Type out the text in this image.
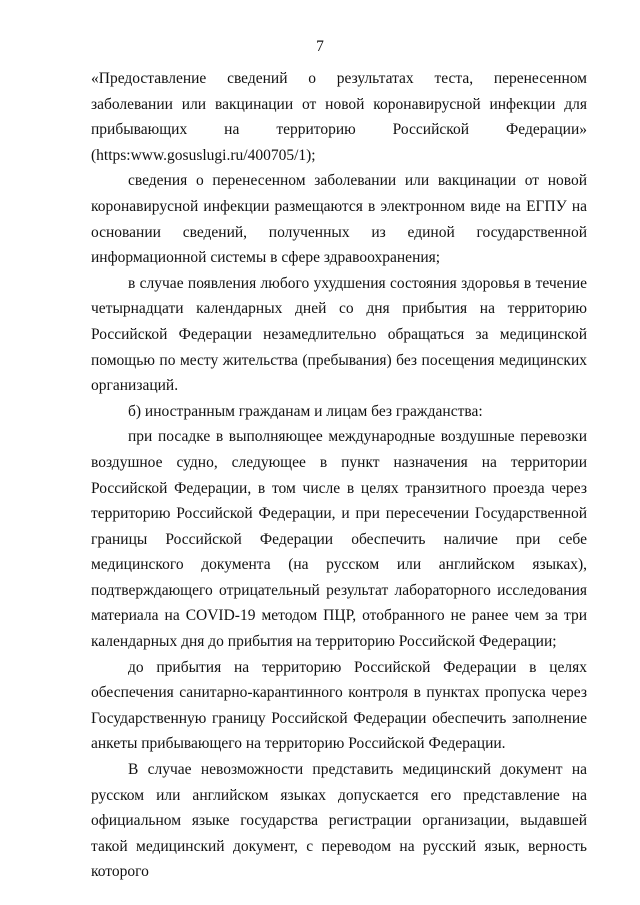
7

«Предоставление сведений о результатах теста, перенесенном заболевании или вакцинации от новой коронавирусной инфекции для прибывающих на территорию Российской Федерации» (https:www.gosuslugi.ru/400705/1);

сведения о перенесенном заболевании или вакцинации от новой коронавирусной инфекции размещаются в электронном виде на ЕГПУ на основании сведений, полученных из единой государственной информационной системы в сфере здравоохранения;

в случае появления любого ухудшения состояния здоровья в течение четырнадцати календарных дней со дня прибытия на территорию Российской Федерации незамедлительно обращаться за медицинской помощью по месту жительства (пребывания) без посещения медицинских организаций.

б) иностранным гражданам и лицам без гражданства:

при посадке в выполняющее международные воздушные перевозки воздушное судно, следующее в пункт назначения на территории Российской Федерации, в том числе в целях транзитного проезда через территорию Российской Федерации, и при пересечении Государственной границы Российской Федерации обеспечить наличие при себе медицинского документа (на русском или английском языках), подтверждающего отрицательный результат лабораторного исследования материала на COVID-19 методом ПЦР, отобранного не ранее чем за три календарных дня до прибытия на территорию Российской Федерации;

до прибытия на территорию Российской Федерации в целях обеспечения санитарно-карантинного контроля в пунктах пропуска через Государственную границу Российской Федерации обеспечить заполнение анкеты прибывающего на территорию Российской Федерации.

В случае невозможности представить медицинский документ на русском или английском языках допускается его представление на официальном языке государства регистрации организации, выдавшей такой медицинский документ, с переводом на русский язык, верность которого
